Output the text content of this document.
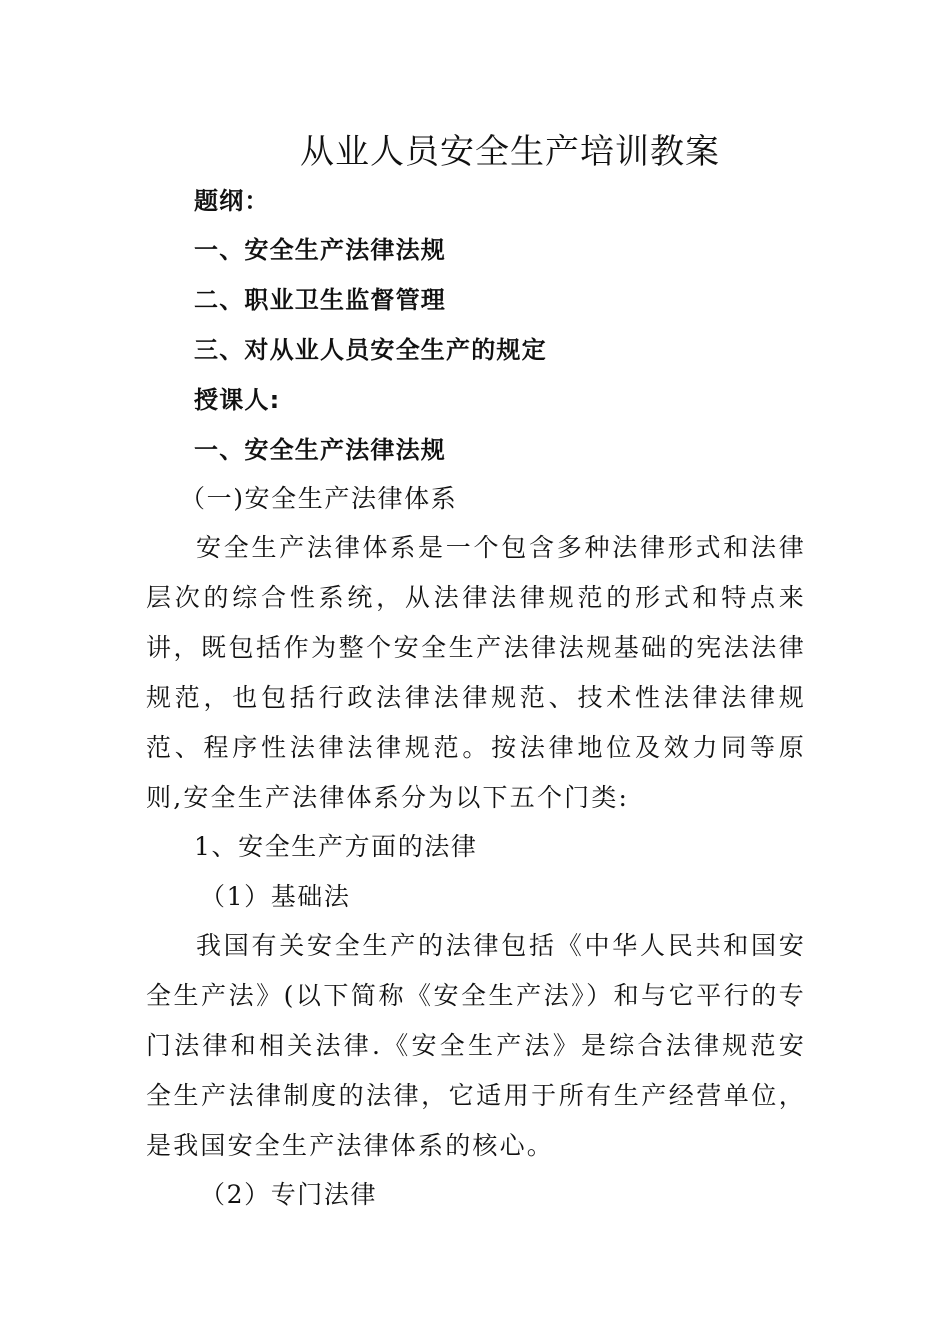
从业人员安全生产培训教案
题纲：
一、安全生产法律法规
二、职业卫生监督管理
三、对从业人员安全生产的规定
授课人:
一、安全生产法律法规
（一)安全生产法律体系
安全生产法律体系是一个包含多种法律形式和法律层次的综合性系统，从法律法律规范的形式和特点来讲，既包括作为整个安全生产法律法规基础的宪法法律规范，也包括行政法律法律规范、技术性法律法律规范、程序性法律法律规范。按法律地位及效力同等原则,安全生产法律体系分为以下五个门类:
1、安全生产方面的法律
（1）基础法
我国有关安全生产的法律包括《中华人民共和国安全生产法》(以下简称《安全生产法》）和与它平行的专门法律和相关法律.《安全生产法》是综合法律规范安全生产法律制度的法律，它适用于所有生产经营单位，是我国安全生产法律体系的核心。
（2）专门法律
